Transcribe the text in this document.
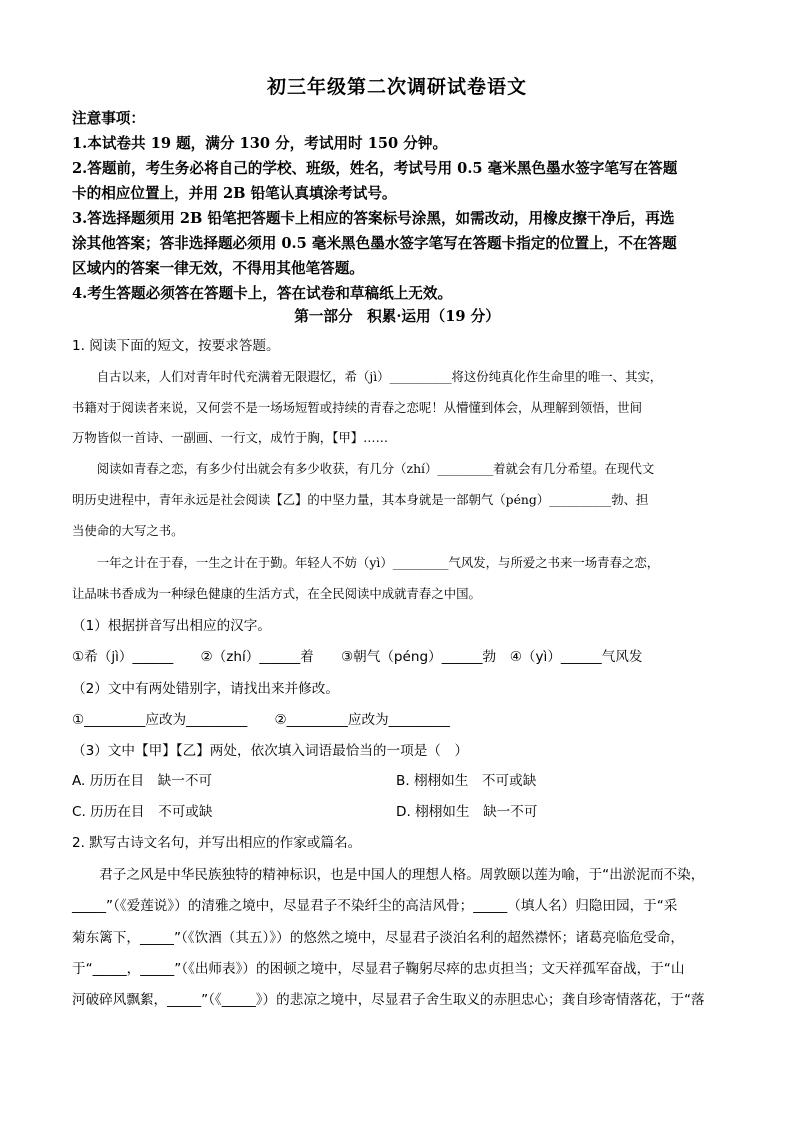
初三年级第二次调研试卷语文
注意事项：
1.本试卷共 19 题，满分 130 分，考试用时 150 分钟。
2.答题前，考生务必将自己的学校、班级，姓名，考试号用 0.5 毫米黑色墨水签字笔写在答题
卡的相应位置上，并用 2B 铅笔认真填涂考试号。
3.答选择题须用 2B 铅笔把答题卡上相应的答案标号涂黑，如需改动，用橡皮擦干净后，再选
涂其他答案；答非选择题必须用 0.5 毫米黑色墨水签字笔写在答题卡指定的位置上，不在答题
区域内的答案一律无效，不得用其他笔答题。
4.考生答题必须答在答题卡上，答在试卷和草稿纸上无效。
第一部分　积累·运用（19 分）
1. 阅读下面的短文，按要求答题。
　　自古以来，人们对青年时代充满着无限遐忆，希（jì）__________将这份纯真化作生命里的唯一、其实，
书籍对于阅读者来说，又何尝不是一场场短暂或持续的青春之恋呢！从懵懂到体会，从理解到领悟，世间
万物皆似一首诗、一副画、一行文，成竹于胸，【甲】……
　　阅读如青春之恋，有多少付出就会有多少收获，有几分（zhí）_________着就会有几分希望。在现代文
明历史进程中，青年永远是社会阅读【乙】的中坚力量，其本身就是一部朝气（péng）__________勃、担
当使命的大写之书。
　　一年之计在于春，一生之计在于勤。年轻人不妨（yì）_________气风发，与所爱之书来一场青春之恋，
让品味书香成为一种绿色健康的生活方式，在全民阅读中成就青春之中国。
（1）根据拼音写出相应的汉字。
①希（jì）______　　②（zhí）______着　　③朝气（péng）______勃　④（yì）______气风发
（2）文中有两处错别字，请找出来并修改。
①_________应改为_________　　②_________应改为_________
（3）文中【甲】【乙】两处，依次填入词语最恰当的一项是（　）
A. 历历在目　缺一不可	B. 栩栩如生　不可或缺
C. 历历在目　不可或缺	D. 栩栩如生　缺一不可
2. 默写古诗文名句，并写出相应的作家或篇名。
　　君子之风是中华民族独特的精神标识，也是中国人的理想人格。周敦颐以莲为喻，于“出淤泥而不染，
_____”（《爱莲说》）的清雅之境中，尽显君子不染纤尘的高洁风骨；_____（填人名）归隐田园，于“采
菊东篱下，_____”（《饮酒（其五）》）的悠然之境中，尽显君子淡泊名利的超然襟怀；诸葛亮临危受命，
于“_____，_____”（《出师表》）的困顿之境中，尽显君子鞠躬尽瘁的忠贞担当；文天祥孤军奋战，于“山
河破碎风飘絮，_____”（《_____》）的悲凉之境中，尽显君子舍生取义的赤胆忠心；龚自珍寄情落花，于“落
